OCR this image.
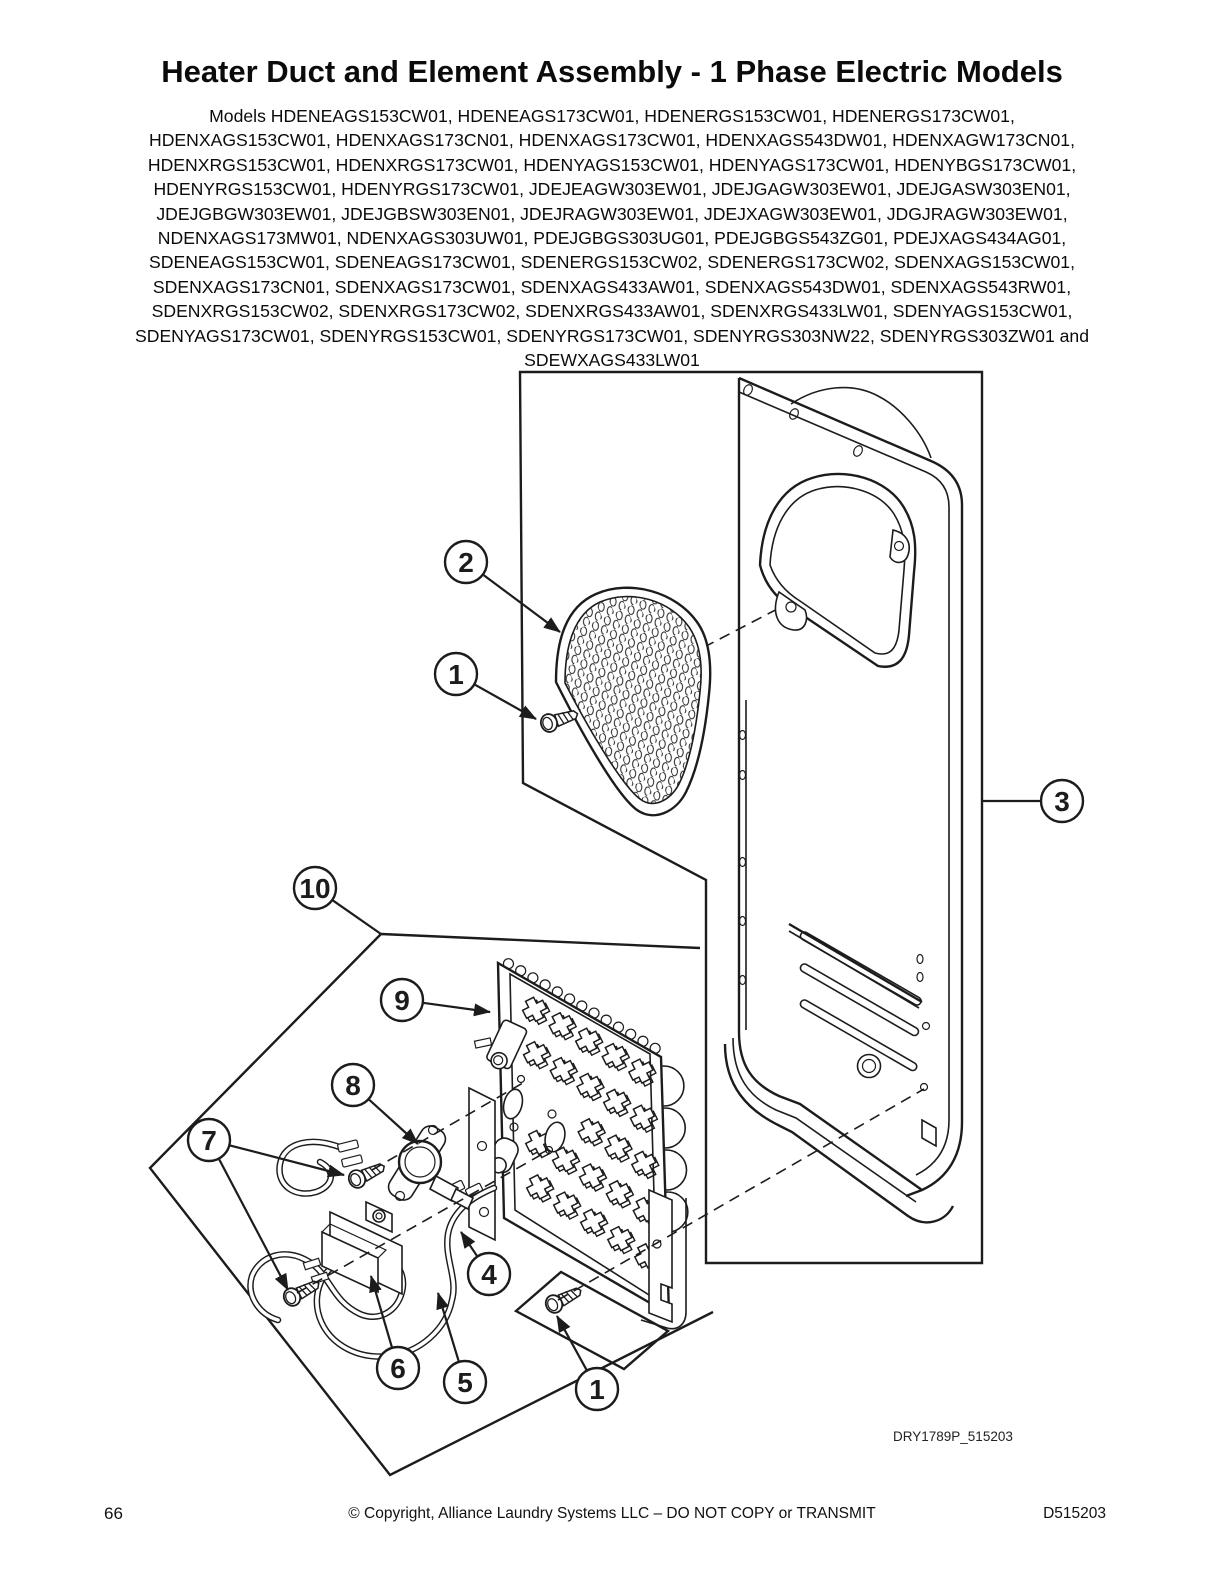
Heater Duct and Element Assembly - 1 Phase Electric Models
Models HDENEAGS153CW01, HDENEAGS173CW01, HDENERGS153CW01, HDENERGS173CW01,
HDENXAGS153CW01, HDENXAGS173CN01, HDENXAGS173CW01, HDENXAGS543DW01, HDENXAGW173CN01,
HDENXRGS153CW01, HDENXRGS173CW01, HDENYAGS153CW01, HDENYAGS173CW01, HDENYBGS173CW01,
HDENYRGS153CW01, HDENYRGS173CW01, JDEJEAGW303EW01, JDEJGAGW303EW01, JDEJGASW303EN01,
JDEJGBGW303EW01, JDEJGBSW303EN01, JDEJRAGW303EW01, JDEJXAGW303EW01, JDGJRAGW303EW01,
NDENXAGS173MW01, NDENXAGS303UW01, PDEJGBGS303UG01, PDEJGBGS543ZG01, PDEJXAGS434AG01,
SDENEAGS153CW01, SDENEAGS173CW01, SDENERGS153CW02, SDENERGS173CW02, SDENXAGS153CW01,
SDENXAGS173CN01, SDENXAGS173CW01, SDENXAGS433AW01, SDENXAGS543DW01, SDENXAGS543RW01,
SDENXRGS153CW02, SDENXRGS173CW02, SDENXRGS433AW01, SDENXRGS433LW01, SDENYAGS153CW01,
SDENYAGS173CW01, SDENYRGS153CW01, SDENYRGS173CW01, SDENYRGS303NW22, SDENYRGS303ZW01 and
SDEWXAGS433LW01
2
1
3
10
9
8
7
4
6 5	1
DRY1789P_515203
66	© Copyright, Alliance Laundry Systems LLC – DO NOT COPY or TRANSMIT	D515203
